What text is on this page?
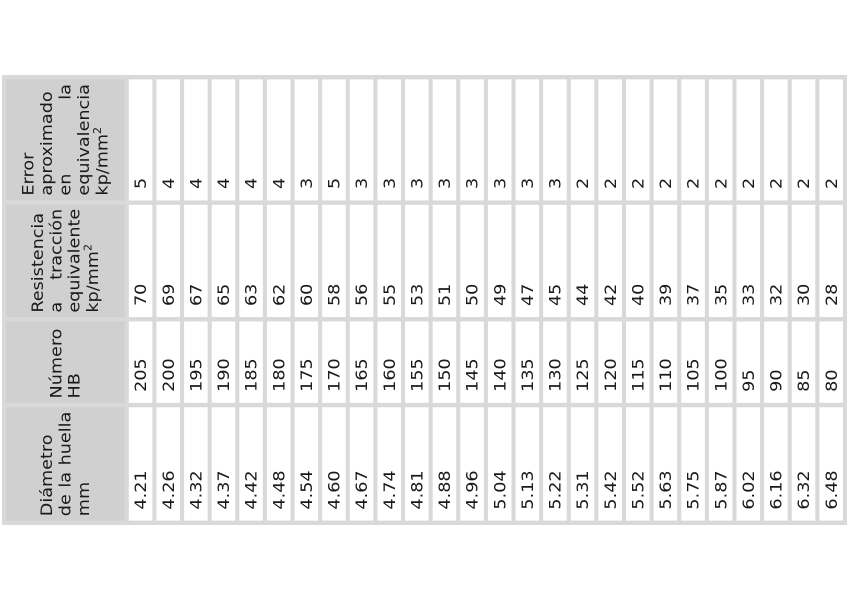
Diámetro de la huella mm	Número HB	Resistencia a tracción equivalente $kp/mm^2$	Error aproximado en la equivalencia $kp/mm^2$

4.21	205	70	5
4.26	200	69	4
4.32	195	67	4
4.37	190	65	4
4.42	185	63	4
4.48	180	62	4
4.54	175	60	3
4.60	170	58	5
4.67	165	56	3
4.74	160	55	3
4.81	155	53	3
4.88	150	51	3
4.96	145	50	3
5.04	140	49	3
5.13	135	47	3
5.22	130	45	3
5.31	125	44	2
5.42	120	42	2
5.52	115	40	2
5.63	110	39	2
5.75	105	37	2
5.87	100	35	2
6.02	95	33	2
6.16	90	32	2
6.32	85	30	2
6.48	80	28	2
